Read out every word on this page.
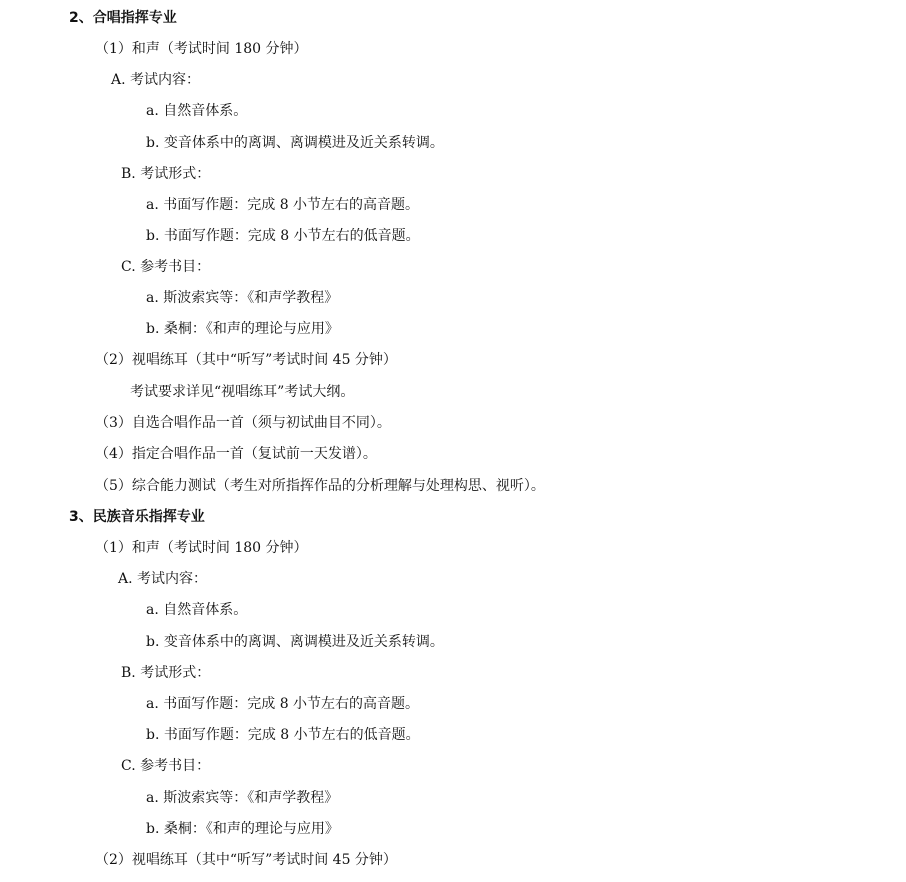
2、合唱指挥专业
（1）和声（考试时间 180 分钟）
A. 考试内容：
a. 自然音体系。
b. 变音体系中的离调、离调模进及近关系转调。
B. 考试形式：
a. 书面写作题：完成 8 小节左右的高音题。
b. 书面写作题：完成 8 小节左右的低音题。
C. 参考书目：
a. 斯波索宾等：《和声学教程》
b. 桑桐：《和声的理论与应用》
（2）视唱练耳（其中“听写”考试时间 45 分钟）
考试要求详见“视唱练耳”考试大纲。
（3）自选合唱作品一首（须与初试曲目不同）。
（4）指定合唱作品一首（复试前一天发谱）。
（5）综合能力测试（考生对所指挥作品的分析理解与处理构思、视听）。
3、民族音乐指挥专业
（1）和声（考试时间 180 分钟）
A. 考试内容：
a. 自然音体系。
b. 变音体系中的离调、离调模进及近关系转调。
B. 考试形式：
a. 书面写作题：完成 8 小节左右的高音题。
b. 书面写作题：完成 8 小节左右的低音题。
C. 参考书目：
a. 斯波索宾等：《和声学教程》
b. 桑桐：《和声的理论与应用》
（2）视唱练耳（其中“听写”考试时间 45 分钟）
